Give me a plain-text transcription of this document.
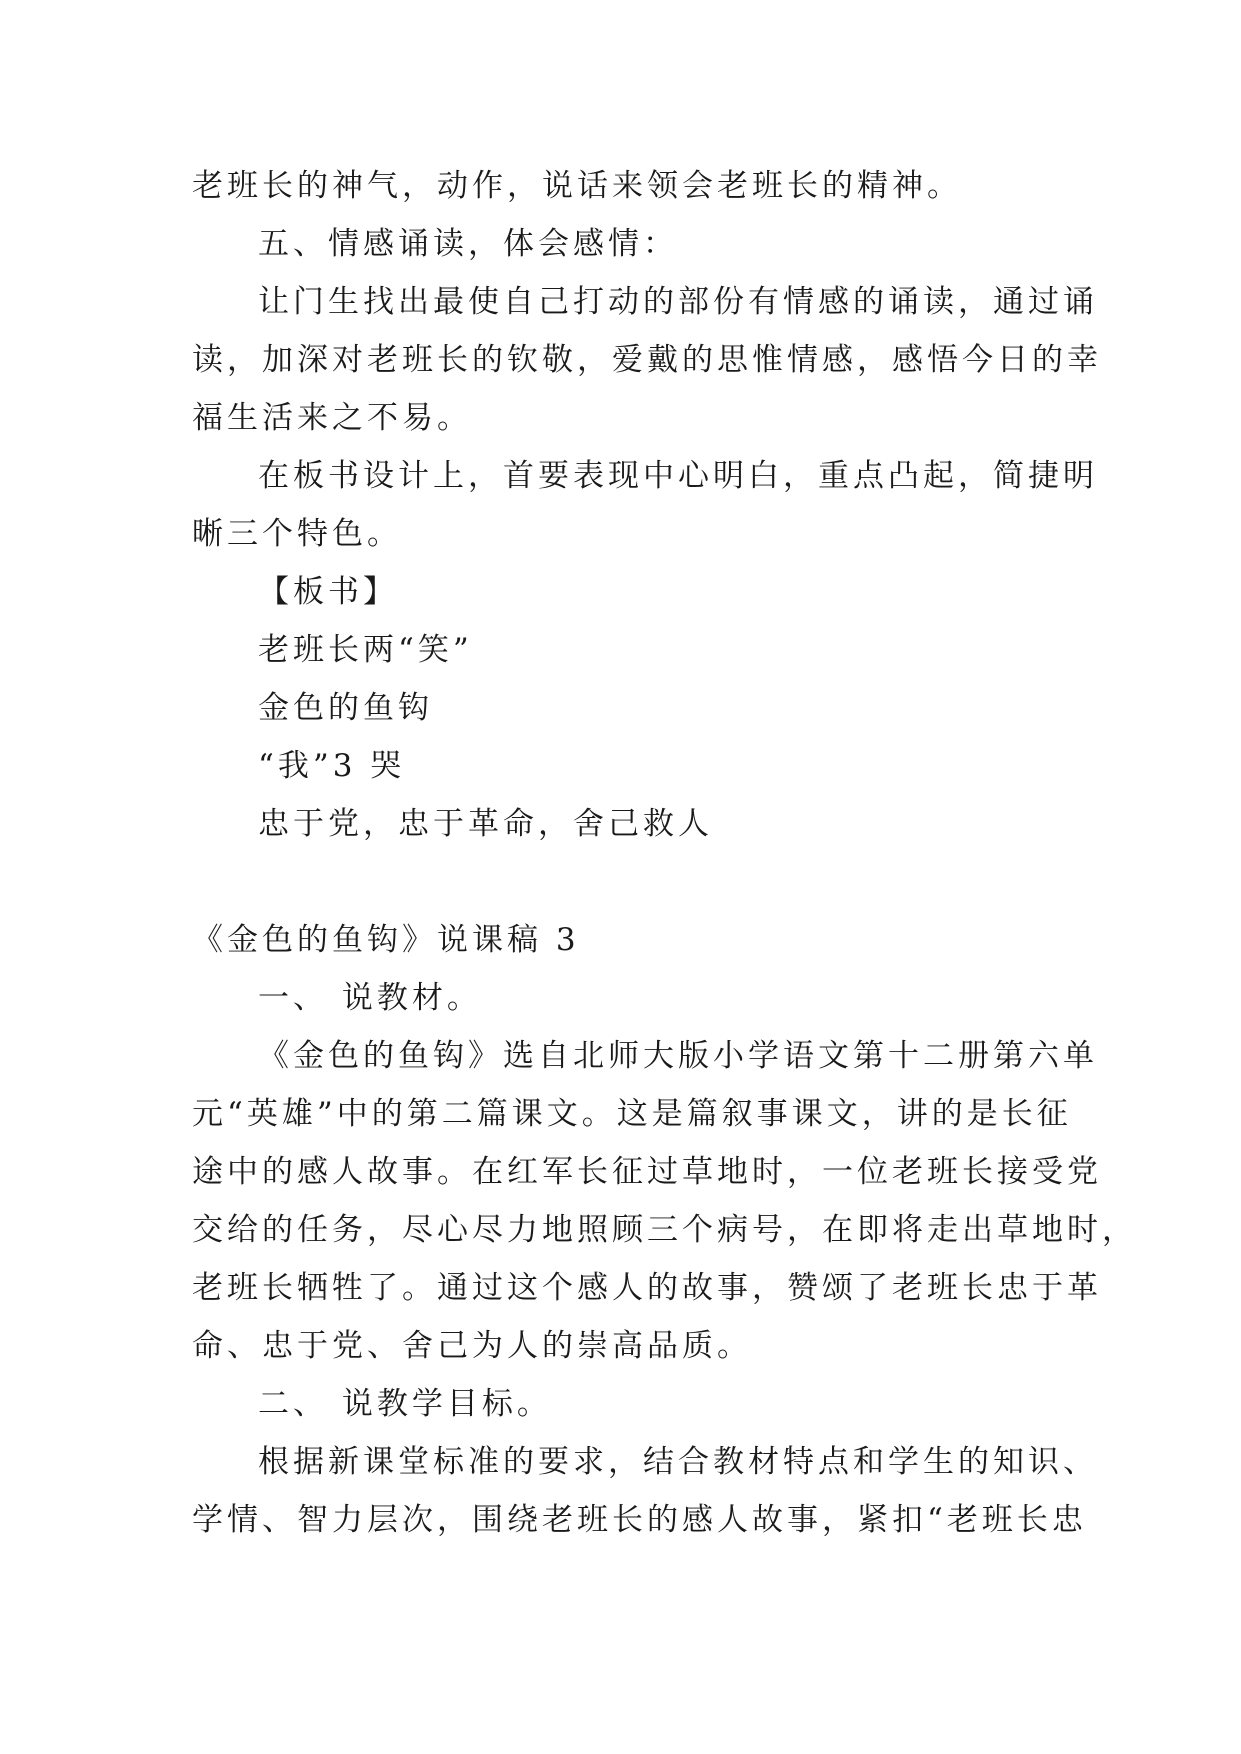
老班长的神气，动作，说话来领会老班长的精神。
五、情感诵读，体会感情：
让门生找出最使自己打动的部份有情感的诵读，通过诵
读，加深对老班长的钦敬，爱戴的思惟情感，感悟今日的幸
福生活来之不易。
在板书设计上，首要表现中心明白，重点凸起，简捷明
晰三个特色。
【板书】
老班长两“笑”
金色的鱼钩
“我”3 哭
忠于党，忠于革命，舍己救人
《金色的鱼钩》说课稿 3
一、 说教材。
《金色的鱼钩》选自北师大版小学语文第十二册第六单
元“英雄”中的第二篇课文。这是篇叙事课文，讲的是长征
途中的感人故事。在红军长征过草地时，一位老班长接受党
交给的任务，尽心尽力地照顾三个病号，在即将走出草地时，
老班长牺牲了。通过这个感人的故事，赞颂了老班长忠于革
命、忠于党、舍己为人的崇高品质。
二、 说教学目标。
根据新课堂标准的要求，结合教材特点和学生的知识、
学情、智力层次，围绕老班长的感人故事，紧扣“老班长忠
